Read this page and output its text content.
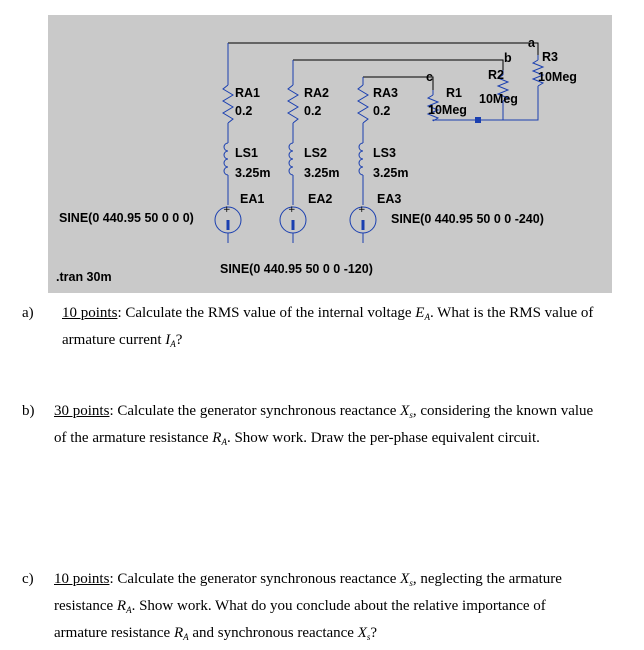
+	+	+
RA1
0.2
RA2
0.2
RA3
0.2
LS1
3.25m
LS2
3.25m
LS3
3.25m
EA1	EA2	EA3
c
b
a
R1
10Meg
R2
10Meg
R3
10Meg
SINE(0 440.95 50 0 0 0)	SINE(0 440.95 50 0 0 -240)
SINE(0 440.95 50 0 0 -120)
.tran 30m
a) 10 points: Calculate the RMS value of the internal voltage $E_A$. What is the RMS value of
armature current $I_A$?
b) 30 points: Calculate the generator synchronous reactance $X_s$, considering the known value
of the armature resistance $R_A$. Show work. Draw the per-phase equivalent circuit.
c) 10 points: Calculate the generator synchronous reactance $X_s$, neglecting the armature
resistance $R_A$. Show work. What do you conclude about the relative importance of
armature resistance $R_A$ and synchronous reactance $X_s$?
